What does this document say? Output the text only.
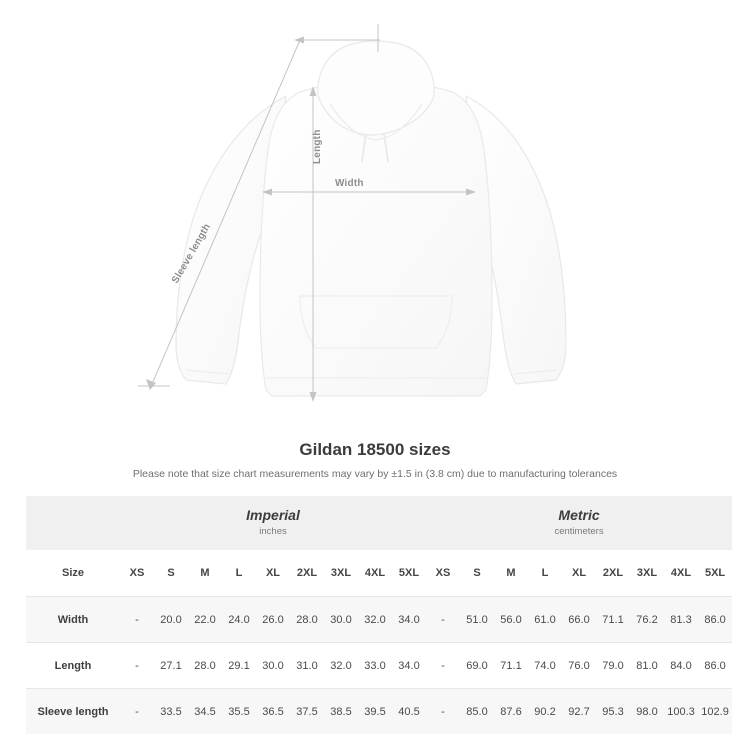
Length
Width
Sleeve length
Gildan 18500 sizes

Please note that size chart measurements may vary by ±1.5 in (3.8 cm) due to manufacturing tolerances

	Imperial
inches									Metric
centimeters								

Size	XS	S	M	L	XL	2XL	3XL	4XL	5XL	XS	S	M	L	XL	2XL	3XL	4XL	5XL
Width	-	20.0	22.0	24.0	26.0	28.0	30.0	32.0	34.0	-	51.0	56.0	61.0	66.0	71.1	76.2	81.3	86.0
Length	-	27.1	28.0	29.1	30.0	31.0	32.0	33.0	34.0	-	69.0	71.1	74.0	76.0	79.0	81.0	84.0	86.0
Sleeve length	-	33.5	34.5	35.5	36.5	37.5	38.5	39.5	40.5	-	85.0	87.6	90.2	92.7	95.3	98.0	100.3	102.9
